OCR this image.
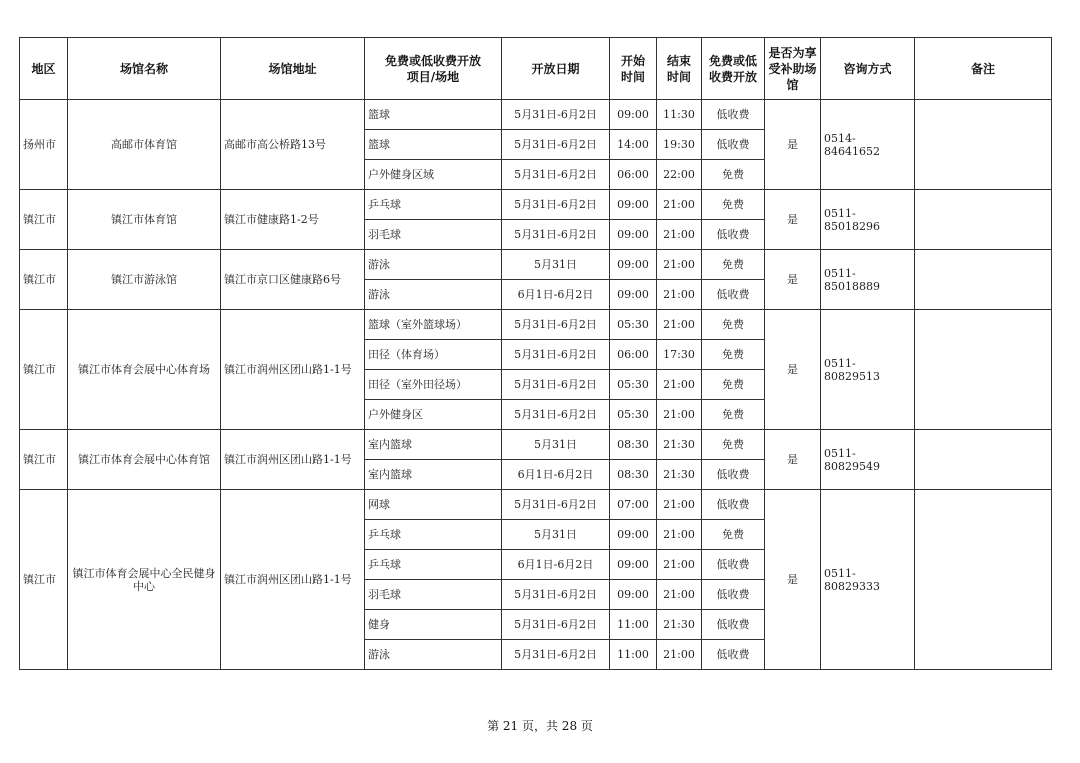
地区	场馆名称	场馆地址	免费或低收费开放项目/场地	开放日期	开始时间	结束时间	免费或低收费开放	是否为享受补助场馆	咨询方式	备注
扬州市	高邮市体育馆	高邮市高公桥路13号	篮球	5月31日-6月2日	09:00	11:30	低收费	是	0514-84641652	
			篮球	5月31日-6月2日	14:00	19:30	低收费			
			户外健身区域	5月31日-6月2日	06:00	22:00	免费			
镇江市	镇江市体育馆	镇江市健康路1-2号	乒乓球	5月31日-6月2日	09:00	21:00	免费	是	0511-85018296	
			羽毛球	5月31日-6月2日	09:00	21:00	低收费			
镇江市	镇江市游泳馆	镇江市京口区健康路6号	游泳	5月31日	09:00	21:00	免费	是	0511-85018889	
			游泳	6月1日-6月2日	09:00	21:00	低收费			
镇江市	镇江市体育会展中心体育场	镇江市润州区团山路1-1号	篮球（室外篮球场）	5月31日-6月2日	05:30	21:00	免费	是	0511-80829513	
			田径（体育场）	5月31日-6月2日	06:00	17:30	免费			
			田径（室外田径场）	5月31日-6月2日	05:30	21:00	免费			
			户外健身区	5月31日-6月2日	05:30	21:00	免费			
镇江市	镇江市体育会展中心体育馆	镇江市润州区团山路1-1号	室内篮球	5月31日	08:30	21:30	免费	是	0511-80829549	
			室内篮球	6月1日-6月2日	08:30	21:30	低收费			
镇江市	镇江市体育会展中心全民健身中心	镇江市润州区团山路1-1号	网球	5月31日-6月2日	07:00	21:00	低收费	是	0511-80829333	
			乒乓球	5月31日	09:00	21:00	免费			
			乒乓球	6月1日-6月2日	09:00	21:00	低收费			
			羽毛球	5月31日-6月2日	09:00	21:00	低收费			
			健身	5月31日-6月2日	11:00	21:30	低收费			
			游泳	5月31日-6月2日	11:00	21:00	低收费			
第 21 页，共 28 页
